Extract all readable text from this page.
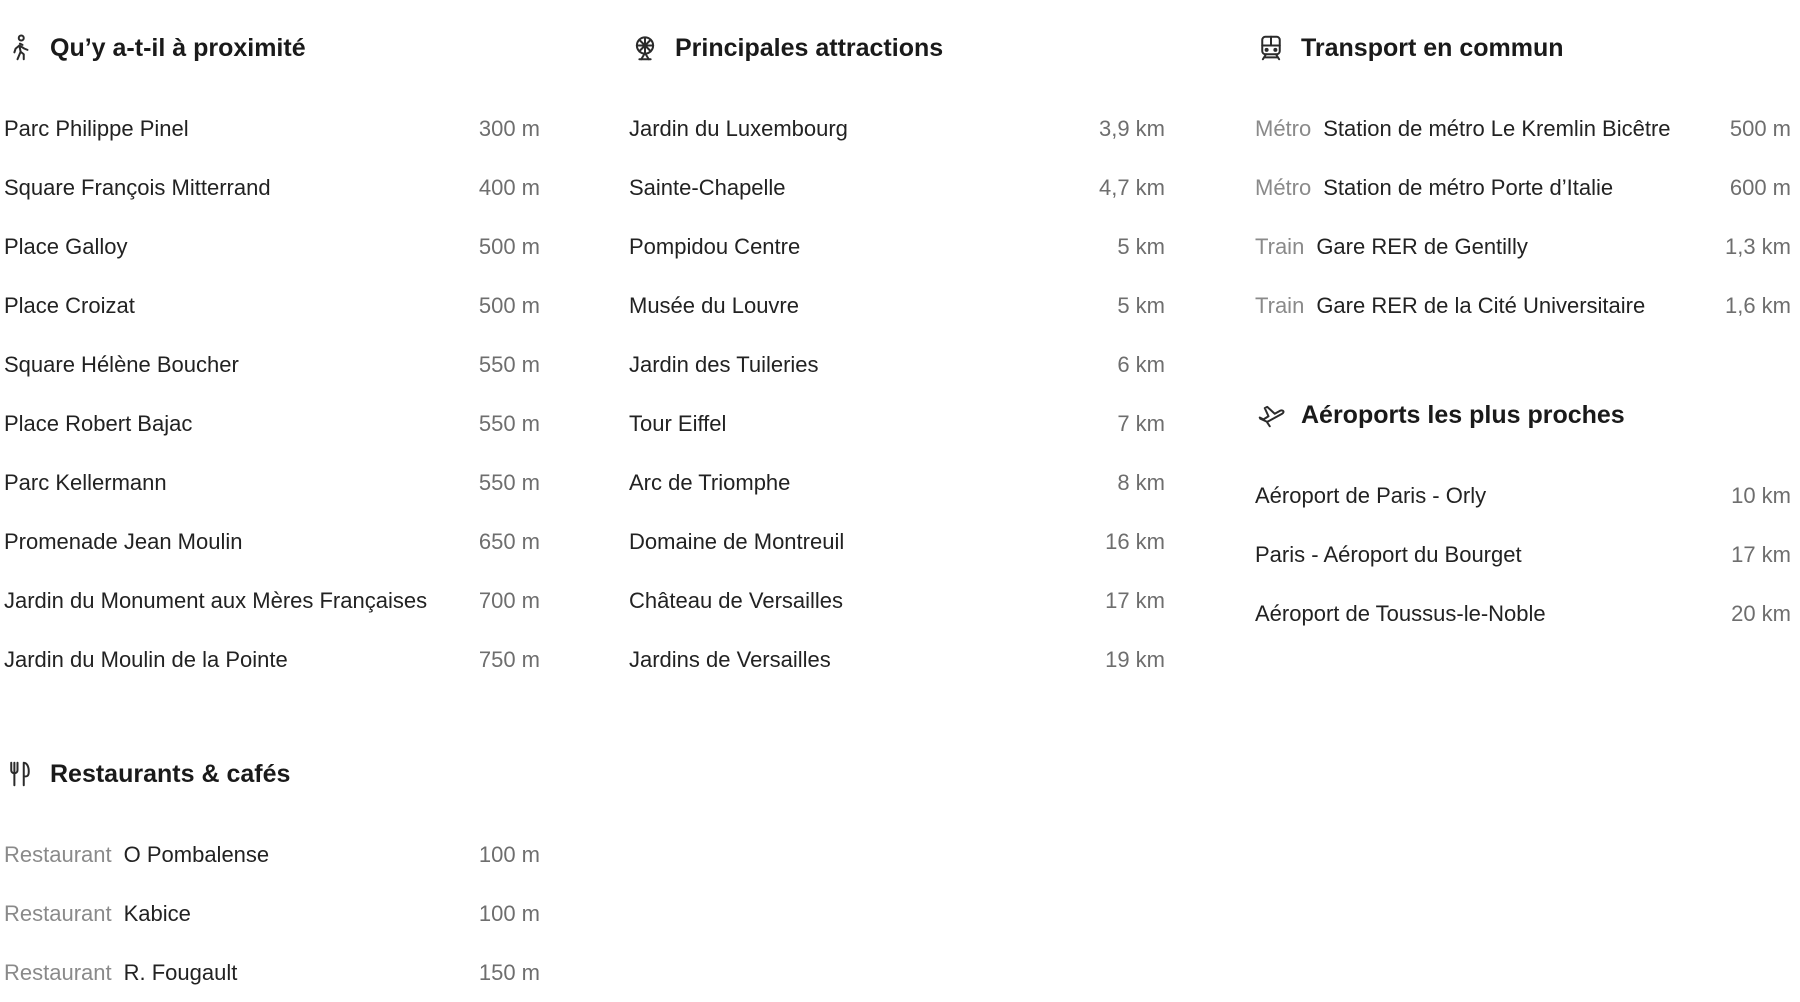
Qu’y a-t-il à proximité
Parc Philippe Pinel	300 m
Square François Mitterrand	400 m
Place Galloy	500 m
Place Croizat	500 m
Square Hélène Boucher	550 m
Place Robert Bajac	550 m
Parc Kellermann	550 m
Promenade Jean Moulin	650 m
Jardin du Monument aux Mères Françaises	700 m
Jardin du Moulin de la Pointe	750 m
Principales attractions
Jardin du Luxembourg	3,9 km
Sainte-Chapelle	4,7 km
Pompidou Centre	5 km
Musée du Louvre	5 km
Jardin des Tuileries	6 km
Tour Eiffel	7 km
Arc de Triomphe	8 km
Domaine de Montreuil	16 km
Château de Versailles	17 km
Jardins de Versailles	19 km
Transport en commun
Métro Station de métro Le Kremlin Bicêtre	500 m
Métro Station de métro Porte d’Italie	600 m
Train Gare RER de Gentilly	1,3 km
Train Gare RER de la Cité Universitaire	1,6 km
Aéroports les plus proches
Aéroport de Paris - Orly	10 km
Paris - Aéroport du Bourget	17 km
Aéroport de Toussus-le-Noble	20 km
Restaurants & cafés
Restaurant O Pombalense	100 m
Restaurant Kabice	100 m
Restaurant R. Fougault	150 m
